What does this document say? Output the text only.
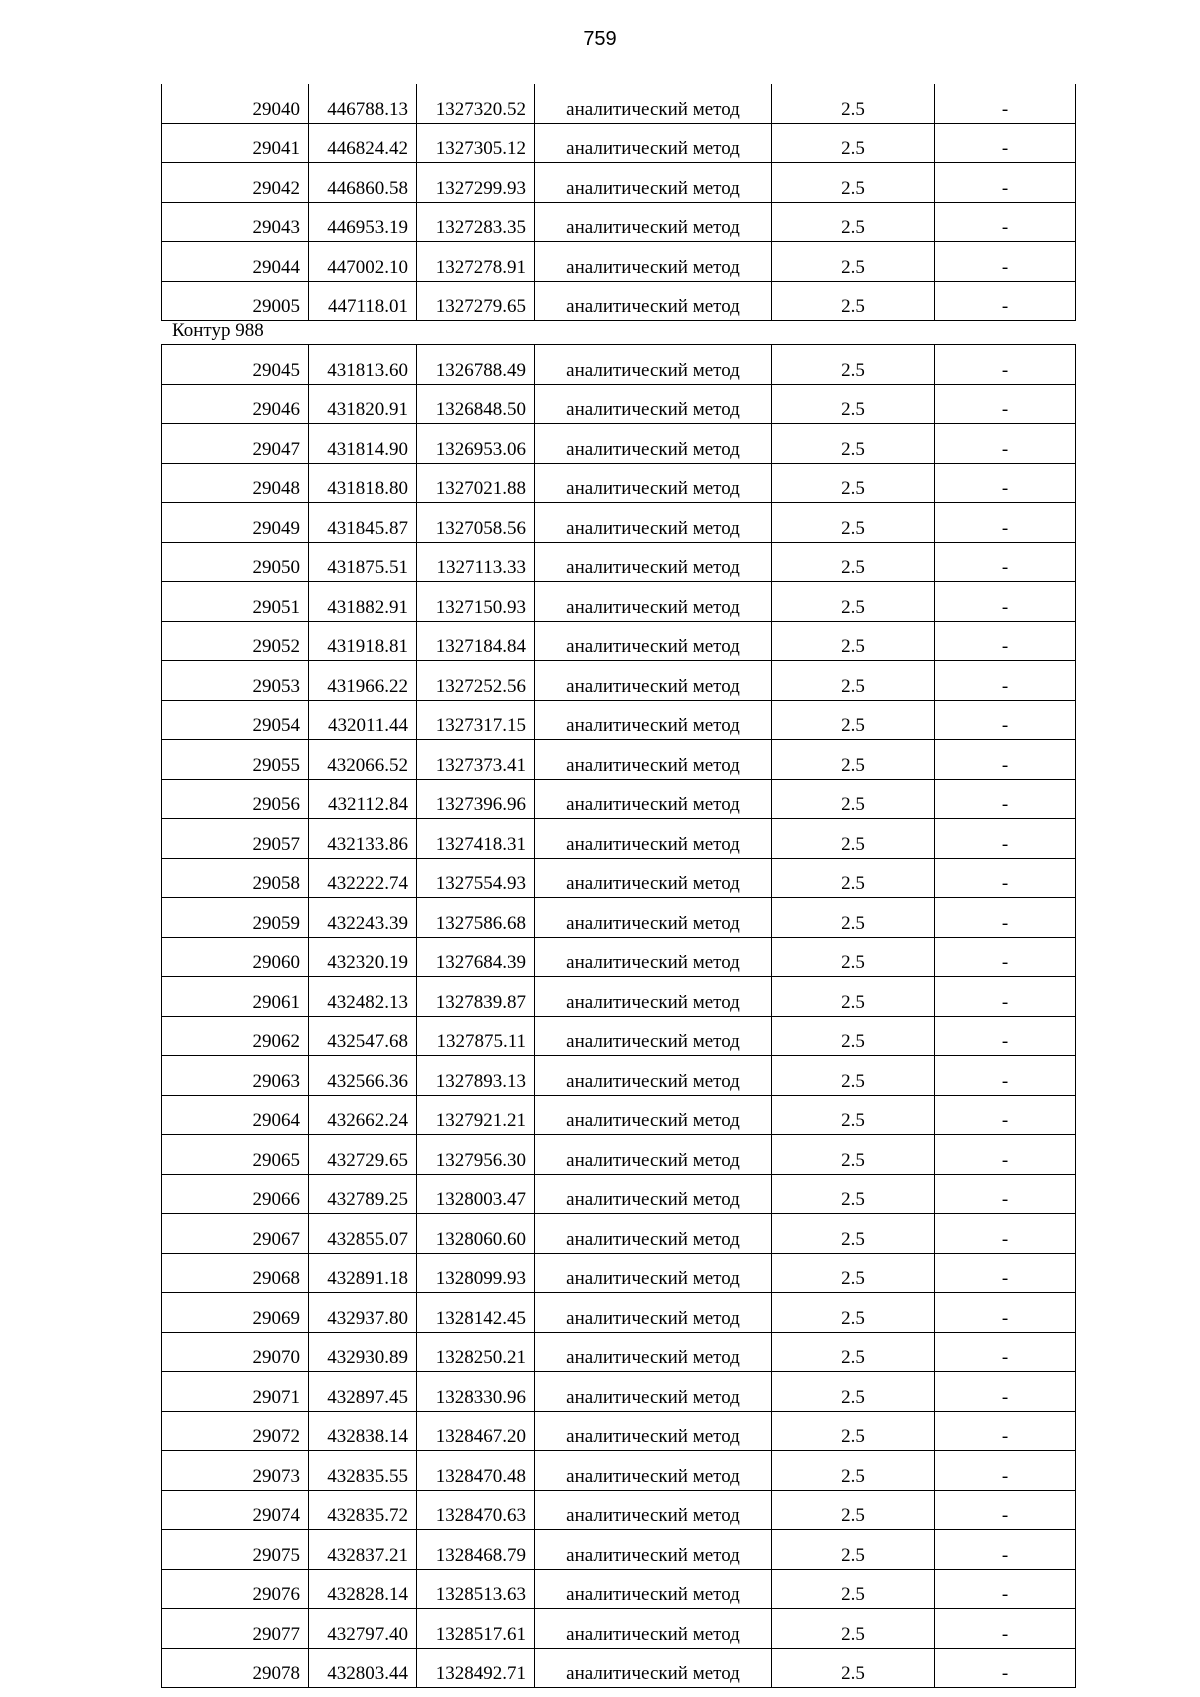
759
29040	446788.13	1327320.52	аналитический метод	2.5	-
29041	446824.42	1327305.12	аналитический метод	2.5	-
29042	446860.58	1327299.93	аналитический метод	2.5	-
29043	446953.19	1327283.35	аналитический метод	2.5	-
29044	447002.10	1327278.91	аналитический метод	2.5	-
29005	447118.01	1327279.65	аналитический метод	2.5	-
Контур 988
29045	431813.60	1326788.49	аналитический метод	2.5	-
29046	431820.91	1326848.50	аналитический метод	2.5	-
29047	431814.90	1326953.06	аналитический метод	2.5	-
29048	431818.80	1327021.88	аналитический метод	2.5	-
29049	431845.87	1327058.56	аналитический метод	2.5	-
29050	431875.51	1327113.33	аналитический метод	2.5	-
29051	431882.91	1327150.93	аналитический метод	2.5	-
29052	431918.81	1327184.84	аналитический метод	2.5	-
29053	431966.22	1327252.56	аналитический метод	2.5	-
29054	432011.44	1327317.15	аналитический метод	2.5	-
29055	432066.52	1327373.41	аналитический метод	2.5	-
29056	432112.84	1327396.96	аналитический метод	2.5	-
29057	432133.86	1327418.31	аналитический метод	2.5	-
29058	432222.74	1327554.93	аналитический метод	2.5	-
29059	432243.39	1327586.68	аналитический метод	2.5	-
29060	432320.19	1327684.39	аналитический метод	2.5	-
29061	432482.13	1327839.87	аналитический метод	2.5	-
29062	432547.68	1327875.11	аналитический метод	2.5	-
29063	432566.36	1327893.13	аналитический метод	2.5	-
29064	432662.24	1327921.21	аналитический метод	2.5	-
29065	432729.65	1327956.30	аналитический метод	2.5	-
29066	432789.25	1328003.47	аналитический метод	2.5	-
29067	432855.07	1328060.60	аналитический метод	2.5	-
29068	432891.18	1328099.93	аналитический метод	2.5	-
29069	432937.80	1328142.45	аналитический метод	2.5	-
29070	432930.89	1328250.21	аналитический метод	2.5	-
29071	432897.45	1328330.96	аналитический метод	2.5	-
29072	432838.14	1328467.20	аналитический метод	2.5	-
29073	432835.55	1328470.48	аналитический метод	2.5	-
29074	432835.72	1328470.63	аналитический метод	2.5	-
29075	432837.21	1328468.79	аналитический метод	2.5	-
29076	432828.14	1328513.63	аналитический метод	2.5	-
29077	432797.40	1328517.61	аналитический метод	2.5	-
29078	432803.44	1328492.71	аналитический метод	2.5	-
